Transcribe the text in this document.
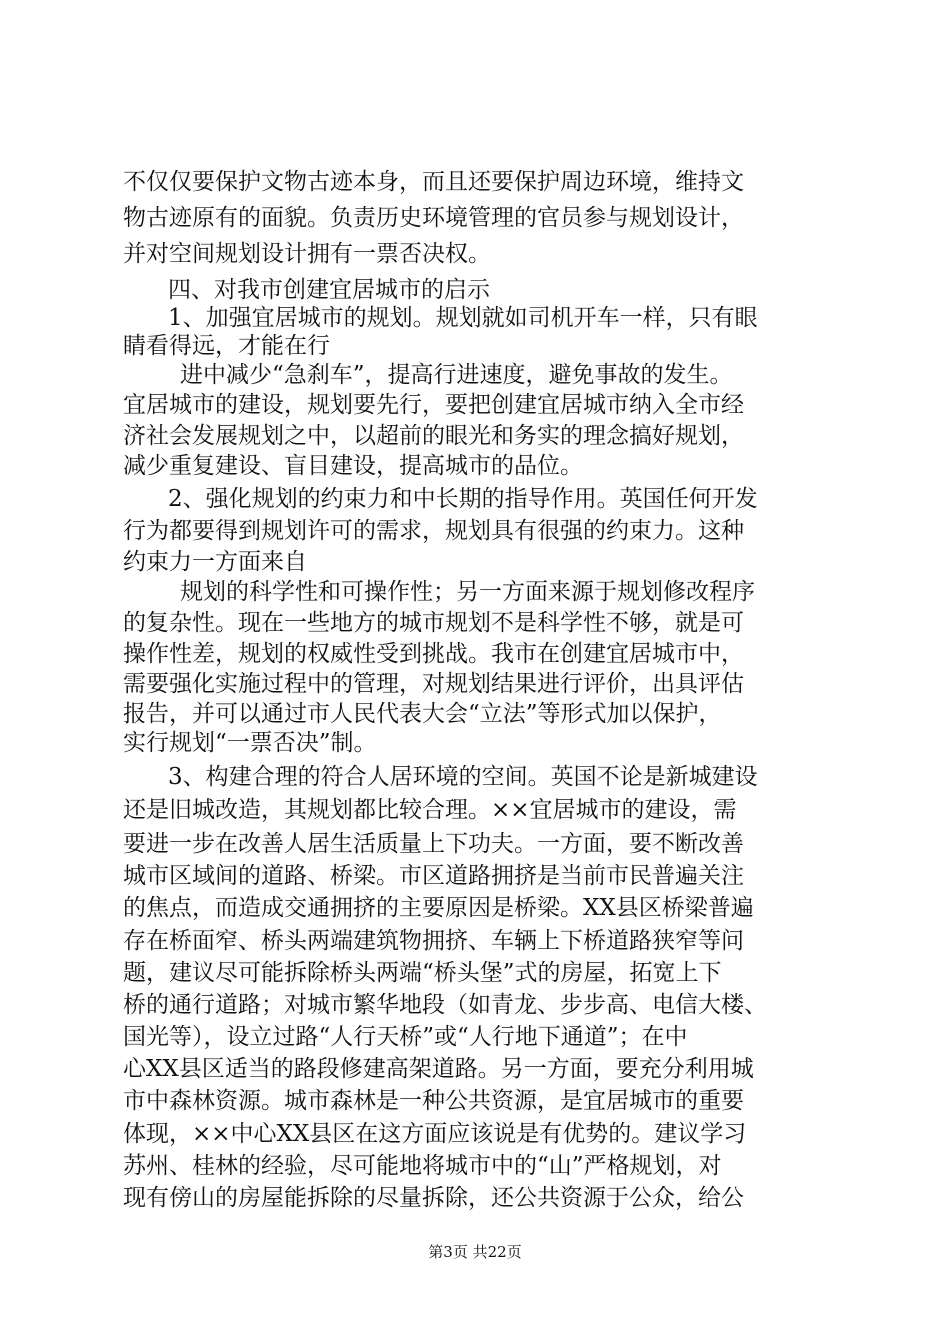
不仅仅要保护文物古迹本身，而且还要保护周边环境，维持文
物古迹原有的面貌。负责历史环境管理的官员参与规划设计，
并对空间规划设计拥有一票否决权。
四、对我市创建宜居城市的启示
1、加强宜居城市的规划。规划就如司机开车一样，只有眼
睛看得远，才能在行
进中减少“急刹车”，提高行进速度，避免事故的发生。
宜居城市的建设，规划要先行，要把创建宜居城市纳入全市经
济社会发展规划之中，以超前的眼光和务实的理念搞好规划，
减少重复建设、盲目建设，提高城市的品位。
2、强化规划的约束力和中长期的指导作用。英国任何开发
行为都要得到规划许可的需求，规划具有很强的约束力。这种
约束力一方面来自
规划的科学性和可操作性；另一方面来源于规划修改程序
的复杂性。现在一些地方的城市规划不是科学性不够，就是可
操作性差，规划的权威性受到挑战。我市在创建宜居城市中，
需要强化实施过程中的管理，对规划结果进行评价，出具评估
报告，并可以通过市人民代表大会“立法”等形式加以保护，
实行规划“一票否决”制。
3、构建合理的符合人居环境的空间。英国不论是新城建设
还是旧城改造，其规划都比较合理。××宜居城市的建设，需
要进一步在改善人居生活质量上下功夫。一方面，要不断改善
城市区域间的道路、桥梁。市区道路拥挤是当前市民普遍关注
的焦点，而造成交通拥挤的主要原因是桥梁。XX县区桥梁普遍
存在桥面窄、桥头两端建筑物拥挤、车辆上下桥道路狭窄等问
题，建议尽可能拆除桥头两端“桥头堡”式的房屋，拓宽上下
桥的通行道路；对城市繁华地段（如青龙、步步高、电信大楼、
国光等），设立过路“人行天桥”或“人行地下通道”；在中
心XX县区适当的路段修建高架道路。另一方面，要充分利用城
市中森林资源。城市森林是一种公共资源，是宜居城市的重要
体现，××中心XX县区在这方面应该说是有优势的。建议学习
苏州、桂林的经验，尽可能地将城市中的“山”严格规划，对
现有傍山的房屋能拆除的尽量拆除，还公共资源于公众，给公
第3页 共22页
